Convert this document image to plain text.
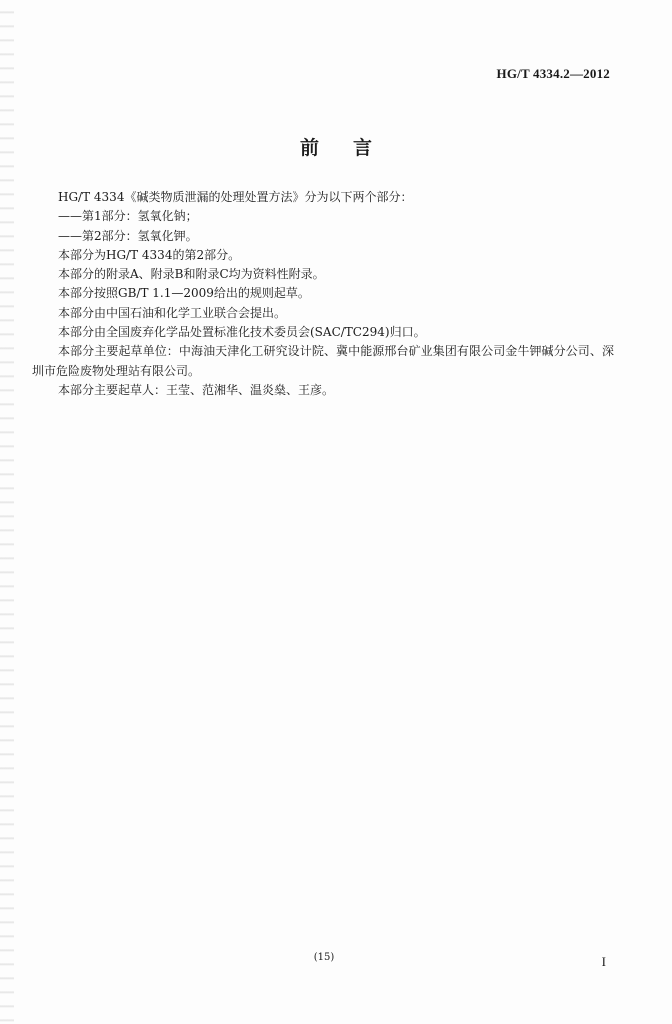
HG/T 4334.2—2012
前言

HG/T 4334《碱类物质泄漏的处理处置方法》分为以下两个部分：

——第1部分：氢氧化钠；

——第2部分：氢氧化钾。

本部分为HG/T 4334的第2部分。

本部分的附录A、附录B和附录C均为资料性附录。

本部分按照GB/T 1.1—2009给出的规则起草。

本部分由中国石油和化学工业联合会提出。

本部分由全国废弃化学品处置标准化技术委员会(SAC/TC294)归口。

本部分主要起草单位：中海油天津化工研究设计院、冀中能源邢台矿业集团有限公司金牛钾碱分公司、深圳市危险废物处理站有限公司。

本部分主要起草人：王莹、范湘华、温炎燊、王彦。

(15)	I
